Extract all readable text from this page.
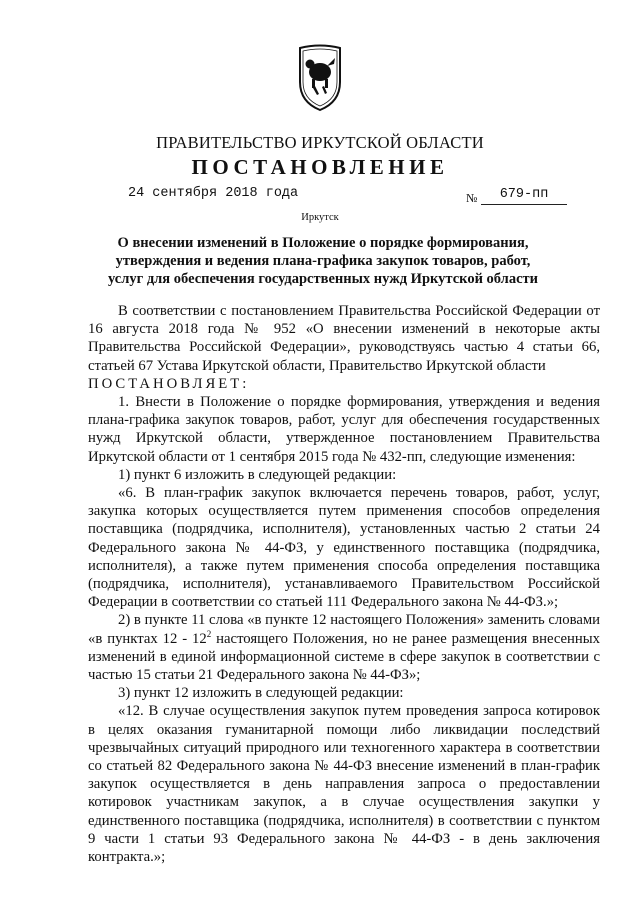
ПРАВИТЕЛЬСТВО ИРКУТСКОЙ ОБЛАСТИ
ПОСТАНОВЛЕНИЕ
24 сентября 2018 года	№	679-пп
Иркутск
О внесении изменений в Положение о порядке формирования, утверждения и ведения плана-графика закупок товаров, работ, услуг для обеспечения государственных нужд Иркутской области

В соответствии с постановлением Правительства Российской Федерации от 16 августа 2018 года № 952 «О внесении изменений в некоторые акты Правительства Российской Федерации», руководствуясь частью 4 статьи 66, статьей 67 Устава Иркутской области, Правительство Иркутской области

ПОСТАНОВЛЯЕТ:

1. Внести в Положение о порядке формирования, утверждения и ведения плана-графика закупок товаров, работ, услуг для обеспечения государственных нужд Иркутской области, утвержденное постановлением Правительства Иркутской области от 1 сентября 2015 года № 432-пп, следующие изменения:

1) пункт 6 изложить в следующей редакции:

«6. В план-график закупок включается перечень товаров, работ, услуг, закупка которых осуществляется путем применения способов определения поставщика (подрядчика, исполнителя), установленных частью 2 статьи 24 Федерального закона № 44-ФЗ, у единственного поставщика (подрядчика, исполнителя), а также путем применения способа определения поставщика (подрядчика, исполнителя), устанавливаемого Правительством Российской Федерации в соответствии со статьей 111 Федерального закона № 44-ФЗ.»;

2) в пункте 11 слова «в пункте 12 настоящего Положения» заменить словами «в пунктах $12 - 12^2$ настоящего Положения, но не ранее размещения внесенных изменений в единой информационной системе в сфере закупок в соответствии с частью 15 статьи 21 Федерального закона № 44-ФЗ»;

3) пункт 12 изложить в следующей редакции:

«12. В случае осуществления закупок путем проведения запроса котировок в целях оказания гуманитарной помощи либо ликвидации последствий чрезвычайных ситуаций природного или техногенного характера в соответствии со статьей 82 Федерального закона № 44-ФЗ внесение изменений в план-график закупок осуществляется в день направления запроса о предоставлении котировок участникам закупок, а в случае осуществления закупки у единственного поставщика (подрядчика, исполнителя) в соответствии с пунктом 9 части 1 статьи 93 Федерального закона № 44-ФЗ - в день заключения контракта.»;
